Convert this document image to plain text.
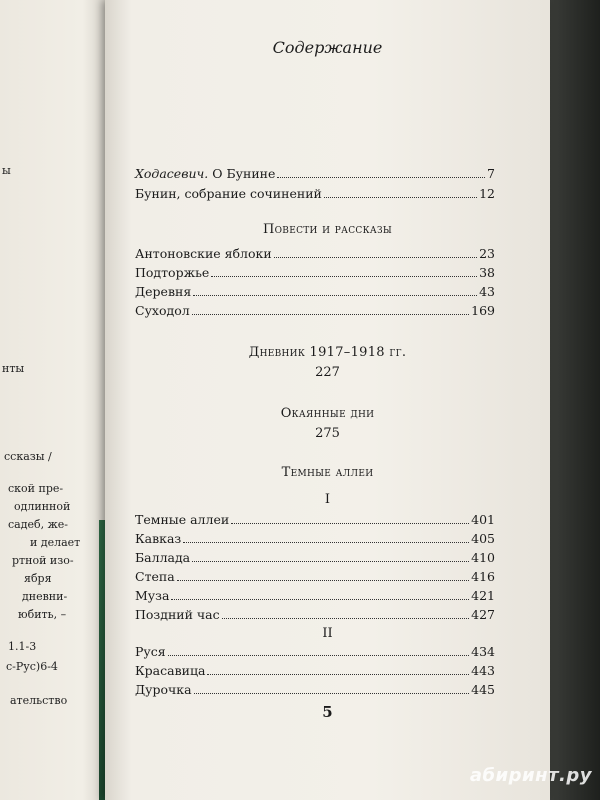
ы
нты
ссказы /
ской пре-
одлинной
садеб, же-
и делает
ртной изо-
ября
дневни-
юбить, –
1.1-3
с-Рус)6-4
ательство
Содержание
Ходасевич. О Бунине	7
Бунин, собрание сочинений	12
Повести и рассказы
Антоновские яблоки	23
Подторжье	38
Деревня	43
Суходол	169
Дневник 1917–1918 гг.
227
Окаянные дни
275
Темные аллеи
I
Темные аллеи	401
Кавказ	405
Баллада	410
Степа	416
Муза	421
Поздний час	427
II
Руся	434
Красавица	443
Дурочка	445
5
абиринт.ру
